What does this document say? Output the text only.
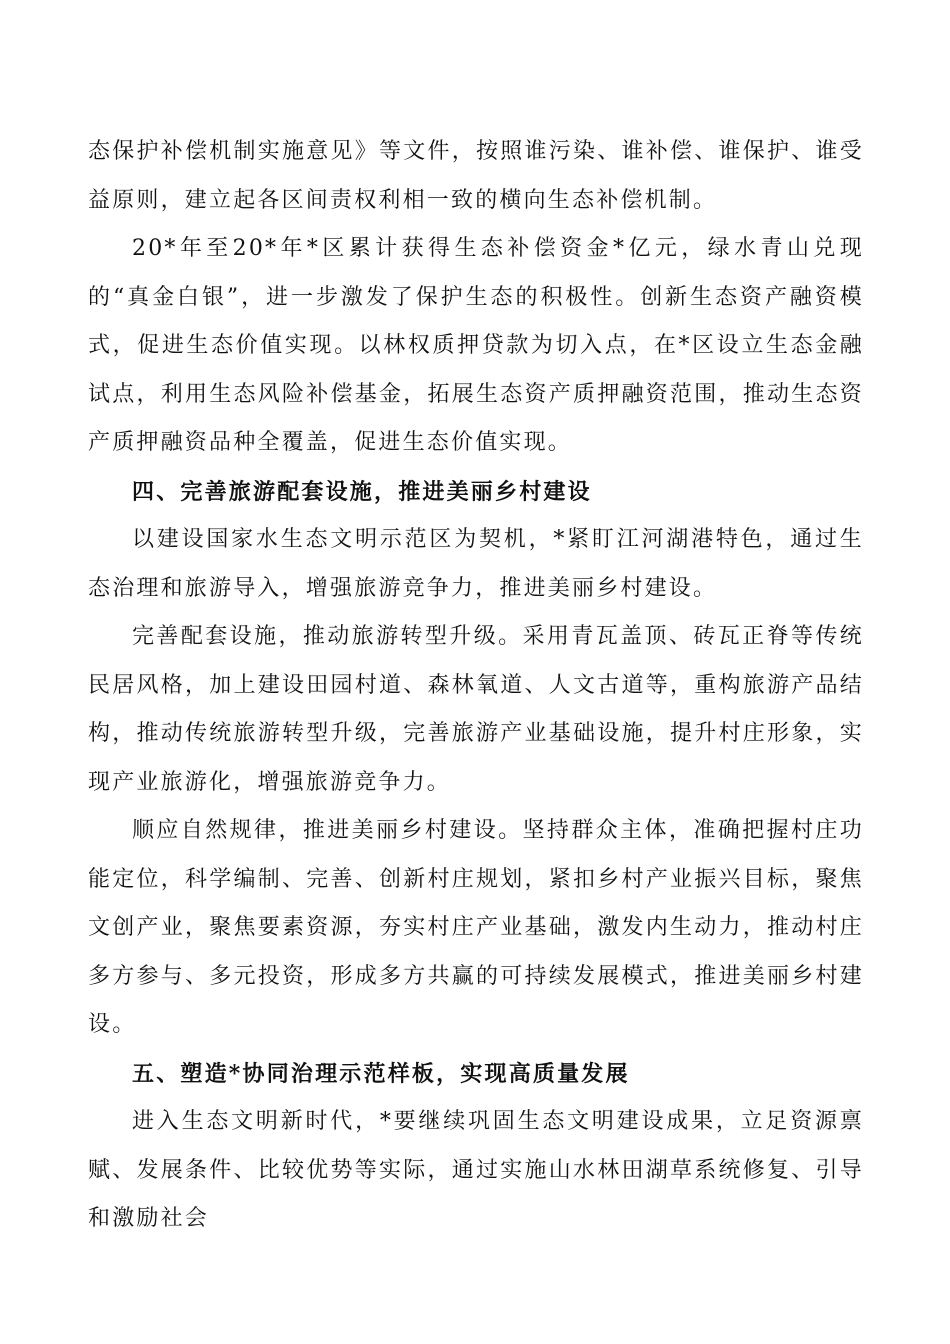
态保护补偿机制实施意见》等文件，按照谁污染、谁补偿、谁保护、谁受益原则，建立起各区间责权利相一致的横向生态补偿机制。

20*年至20*年*区累计获得生态补偿资金*亿元，绿水青山兑现的“真金白银”，进一步激发了保护生态的积极性。创新生态资产融资模式，促进生态价值实现。以林权质押贷款为切入点，在*区设立生态金融试点，利用生态风险补偿基金，拓展生态资产质押融资范围，推动生态资产质押融资品种全覆盖，促进生态价值实现。

四、完善旅游配套设施，推进美丽乡村建设

以建设国家水生态文明示范区为契机，*紧盯江河湖港特色，通过生态治理和旅游导入，增强旅游竞争力，推进美丽乡村建设。

完善配套设施，推动旅游转型升级。采用青瓦盖顶、砖瓦正脊等传统民居风格，加上建设田园村道、森林氧道、人文古道等，重构旅游产品结构，推动传统旅游转型升级，完善旅游产业基础设施，提升村庄形象，实现产业旅游化，增强旅游竞争力。

顺应自然规律，推进美丽乡村建设。坚持群众主体，准确把握村庄功能定位，科学编制、完善、创新村庄规划，紧扣乡村产业振兴目标，聚焦文创产业，聚焦要素资源，夯实村庄产业基础，激发内生动力，推动村庄多方参与、多元投资，形成多方共赢的可持续发展模式，推进美丽乡村建设。

五、塑造*协同治理示范样板，实现高质量发展

进入生态文明新时代，*要继续巩固生态文明建设成果，立足资源禀赋、发展条件、比较优势等实际，通过实施山水林田湖草系统修复、引导和激励社会
